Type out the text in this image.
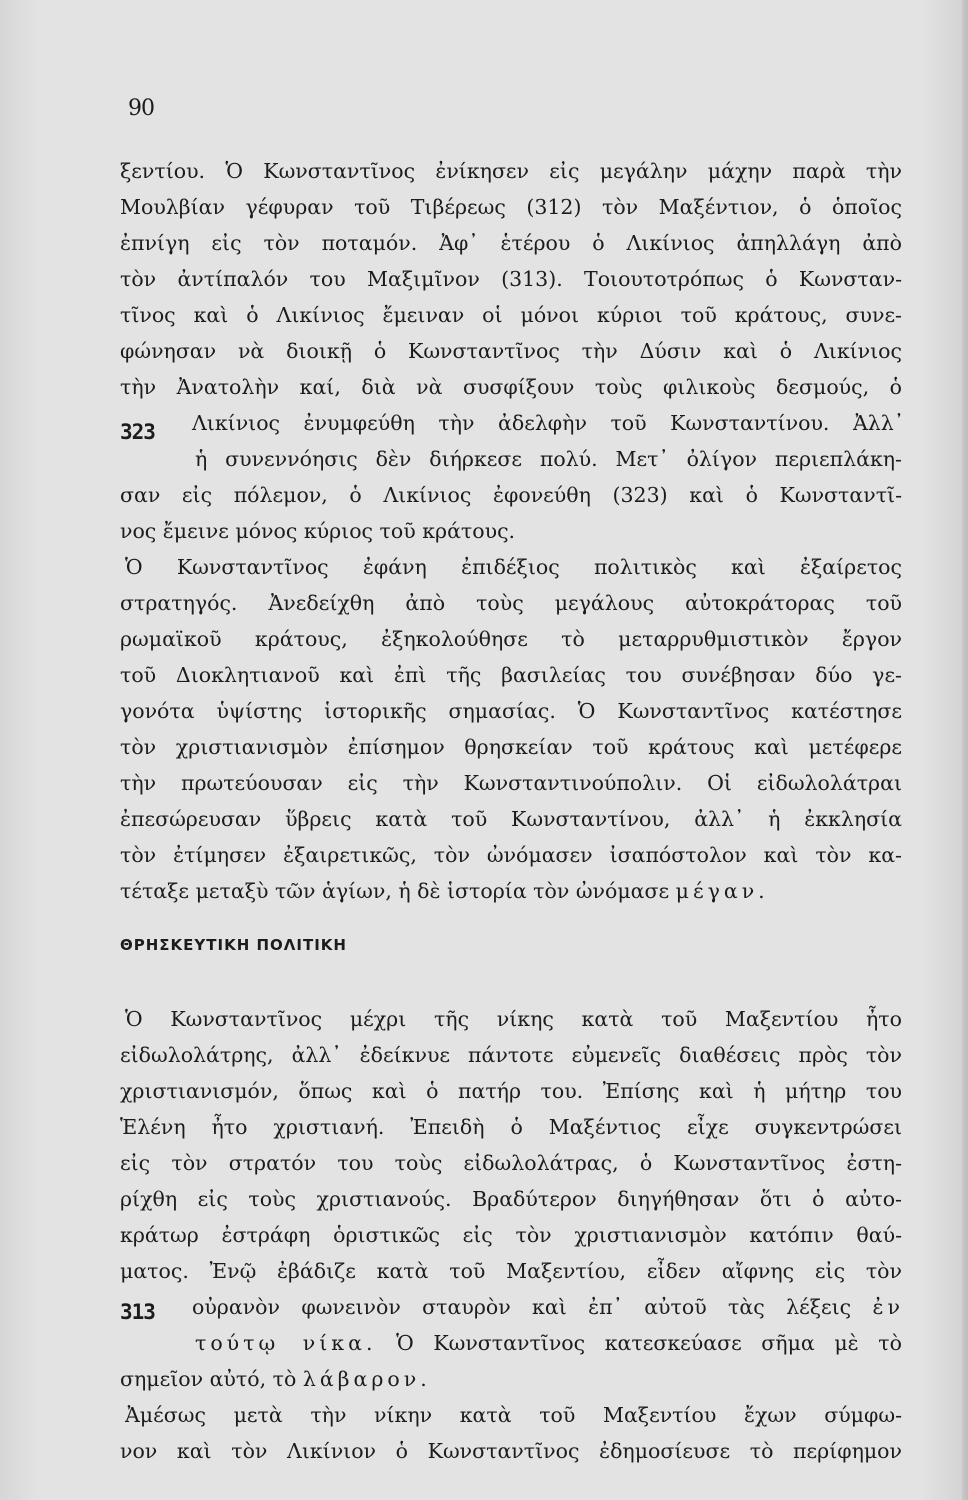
90
ξεντίου. Ὁ Κωνσταντῖνος ἐνίκησεν εἰς μεγάλην μάχην παρὰ τὴν
Μουλβίαν γέφυραν τοῦ Τιβέρεως (312) τὸν Μαξέντιον, ὁ ὁποῖος
ἐπνίγη εἰς τὸν ποταμόν. Ἀφ᾽ ἑτέρου ὁ Λικίνιος ἀπηλλάγη ἀπὸ
τὸν ἀντίπαλόν του Μαξιμῖνον (313). Τοιουτοτρόπως ὁ Κωνσταν-
τῖνος καὶ ὁ Λικίνιος ἔμειναν οἱ μόνοι κύριοι τοῦ κράτους, συνε-
φώνησαν νὰ διοικῇ ὁ Κωνσταντῖνος τὴν Δύσιν καὶ ὁ Λικίνιος
τὴν Ἀνατολὴν καί, διὰ νὰ συσφίξουν τοὺς φιλικοὺς δεσμούς, ὁ
323 Λικίνιος ἐνυμφεύθη τὴν ἀδελφὴν τοῦ Κωνσταντίνου. Ἀλλ᾽
ἡ συνεννόησις δὲν διήρκεσε πολύ. Μετ᾽ ὀλίγον περιεπλάκη-
σαν εἰς πόλεμον, ὁ Λικίνιος ἐφονεύθη (323) καὶ ὁ Κωνσταντῖ-
νος ἔμεινε μόνος κύριος τοῦ κράτους.
Ὁ Κωνσταντῖνος ἐφάνη ἐπιδέξιος πολιτικὸς καὶ ἐξαίρετος
στρατηγός. Ἀνεδείχθη ἀπὸ τοὺς μεγάλους αὐτοκράτορας τοῦ
ρωμαϊκοῦ κράτους, ἐξηκολούθησε τὸ μεταρρυθμιστικὸν ἔργον
τοῦ Διοκλητιανοῦ καὶ ἐπὶ τῆς βασιλείας του συνέβησαν δύο γε-
γονότα ὑψίστης ἱστορικῆς σημασίας. Ὁ Κωνσταντῖνος κατέστησε
τὸν χριστιανισμὸν ἐπίσημον θρησκείαν τοῦ κράτους καὶ μετέφερε
τὴν πρωτεύουσαν εἰς τὴν Κωνσταντινούπολιν. Οἱ εἰδωλολάτραι
ἐπεσώρευσαν ὕβρεις κατὰ τοῦ Κωνσταντίνου, ἀλλ᾽ ἡ ἐκκλησία
τὸν ἐτίμησεν ἐξαιρετικῶς, τὸν ὠνόμασεν ἰσαπόστολον καὶ τὸν κα-
τέταξε μεταξὺ τῶν ἁγίων, ἡ δὲ ἱστορία τὸν ὠνόμασε μέγαν.
ΘΡΗΣΚΕΥΤΙΚΗ ΠΟΛΙΤΙΚΗ
Ὁ Κωνσταντῖνος μέχρι τῆς νίκης κατὰ τοῦ Μαξεντίου ἦτο
εἰδωλολάτρης, ἀλλ᾽ ἐδείκνυε πάντοτε εὐμενεῖς διαθέσεις πρὸς τὸν
χριστιανισμόν, ὅπως καὶ ὁ πατήρ του. Ἐπίσης καὶ ἡ μήτηρ του
Ἑλένη ἦτο χριστιανή. Ἐπειδὴ ὁ Μαξέντιος εἶχε συγκεντρώσει
εἰς τὸν στρατόν του τοὺς εἰδωλολάτρας, ὁ Κωνσταντῖνος ἐστη-
ρίχθη εἰς τοὺς χριστιανούς. Βραδύτερον διηγήθησαν ὅτι ὁ αὐτο-
κράτωρ ἐστράφη ὁριστικῶς εἰς τὸν χριστιανισμὸν κατόπιν θαύ-
ματος. Ἐνῷ ἐβάδιζε κατὰ τοῦ Μαξεντίου, εἶδεν αἴφνης εἰς τὸν
313 οὐρανὸν φωνεινὸν σταυρὸν καὶ ἐπ᾽ αὐτοῦ τὰς λέξεις ἐν
τούτῳ νίκα. Ὁ Κωνσταντῖνος κατεσκεύασε σῆμα μὲ τὸ
σημεῖον αὐτό, τὸ λάβαρον.
Ἀμέσως μετὰ τὴν νίκην κατὰ τοῦ Μαξεντίου ἔχων σύμφω-
νον καὶ τὸν Λικίνιον ὁ Κωνσταντῖνος ἐδημοσίευσε τὸ περίφημον
